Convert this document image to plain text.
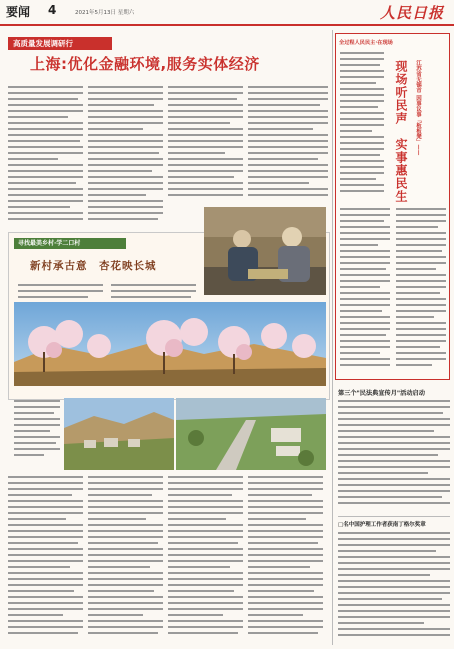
要闻 4	2021年5月13日 星期六	人民日报
高质量发展调研行
上海:优化金融环境,服务实体经济
寻找最美乡村·学二口村
新村承古意　杏花映长城
全过程人民民主·在现场
现场听民声　实事惠民生	江苏省无锡市 因事议事「板板凳」——
第三个"民法典宣传月"活动启动
□名中国护理工作者获南丁格尔奖章
